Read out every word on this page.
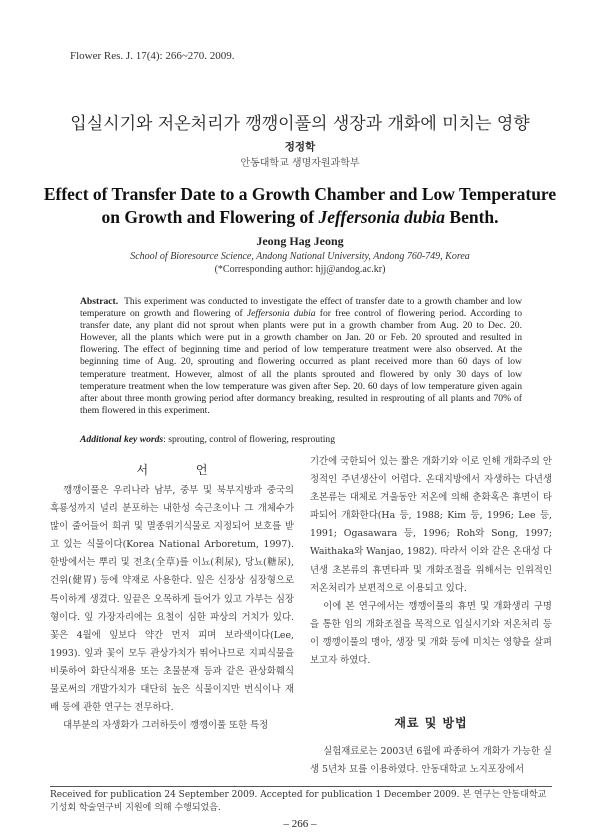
Flower Res. J. 17(4): 266~270. 2009.
입실시기와 저온처리가 깽깽이풀의 생장과 개화에 미치는 영향
정정학
안동대학교 생명자원과학부
Effect of Transfer Date to a Growth Chamber and Low Temperature on Growth and Flowering of Jeffersonia dubia Benth.
Jeong Hag Jeong
School of Bioresource Science, Andong National University, Andong 760-749, Korea
(*Corresponding author: hjj@andog.ac.kr)
Abstract. This experiment was conducted to investigate the effect of transfer date to a growth chamber and low temperature on growth and flowering of Jeffersonia dubia for free control of flowering period. According to transfer date, any plant did not sprout when plants were put in a growth chamber from Aug. 20 to Dec. 20. However, all the plants which were put in a growth chamber on Jan. 20 or Feb. 20 sprouted and resulted in flowering. The effect of beginning time and period of low temperature treatment were also observed. At the beginning time of Aug. 20, sprouting and flowering occurred as plant received more than 60 days of low temperature treatment. However, almost of all the plants sprouted and flowered by only 30 days of low temperature treatment when the low temperature was given after Sep. 20. 60 days of low temperature given again after about three month growing period after dormancy breaking, resulted in resprouting of all plants and 70% of them flowered in this experiment.
Additional key words: sprouting, control of flowering, resprouting
서 언

깽깽이풀은 우리나라 남부, 중부 및 북부지방과 중국의 흑룡성까지 널리 분포하는 내한성 숙근초이나 그 개체수가 많이 줄어들어 희귀 및 멸종위기식물로 지정되어 보호를 받고 있는 식물이다(Korea National Arboretum, 1997). 한방에서는 뿌리 및 전초(全草)를 이뇨(利尿), 당뇨(糖尿), 건위(健胃) 등에 약재로 사용한다. 잎은 신장상 심장형으로 특이하게 생겼다. 잎끝은 오목하게 들어가 있고 가부는 심장형이다. 잎 가장자리에는 요철이 심한 파상의 거치가 있다. 꽃은 4월에 잎보다 약간 먼저 피며 보라색이다(Lee, 1993). 잎과 꽃이 모두 관상가치가 뛰어나므로 지피식물을 비롯하여 화단식재용 또는 초물분재 등과 같은 관상화훼식물로써의 개발가치가 대단히 높은 식물이지만 번식이나 재배 등에 관한 연구는 전무하다.

대부분의 자생화가 그러하듯이 깽깽이풀 또한 특정

기간에 국한되어 있는 짧은 개화기와 이로 인해 개화주의 안정적인 주년생산이 어렵다. 온대지방에서 자생하는 다년생 초본류는 대체로 겨울동안 저온에 의해 춘화혹은 휴면이 타파되어 개화한다(Ha 등, 1988; Kim 등, 1996; Lee 등, 1991; Ogasawara 등, 1996; Roh와 Song, 1997; Waithaka와 Wanjao, 1982). 따라서 이와 같은 온대성 다년생 초본류의 휴면타파 및 개화조절을 위해서는 인위적인 저온처리가 보편적으로 이용되고 있다.

이에 본 연구에서는 깽깽이풀의 휴면 및 개화생리 구명을 통한 임의 개화조절을 목적으로 입실시기와 저온처리 등이 깽깽이풀의 맹아, 생장 및 개화 등에 미치는 영향을 살펴보고자 하였다.

재료 및 방법

실험재료로는 2003년 6월에 파종하여 개화가 가능한 실생 5년차 묘를 이용하였다. 안동대학교 노지포장에서

Received for publication 24 September 2009. Accepted for publication 1 December 2009. 본 연구는 안동대학교 기성회 학술연구비 지원에 의해 수행되었음.
– 266 –
